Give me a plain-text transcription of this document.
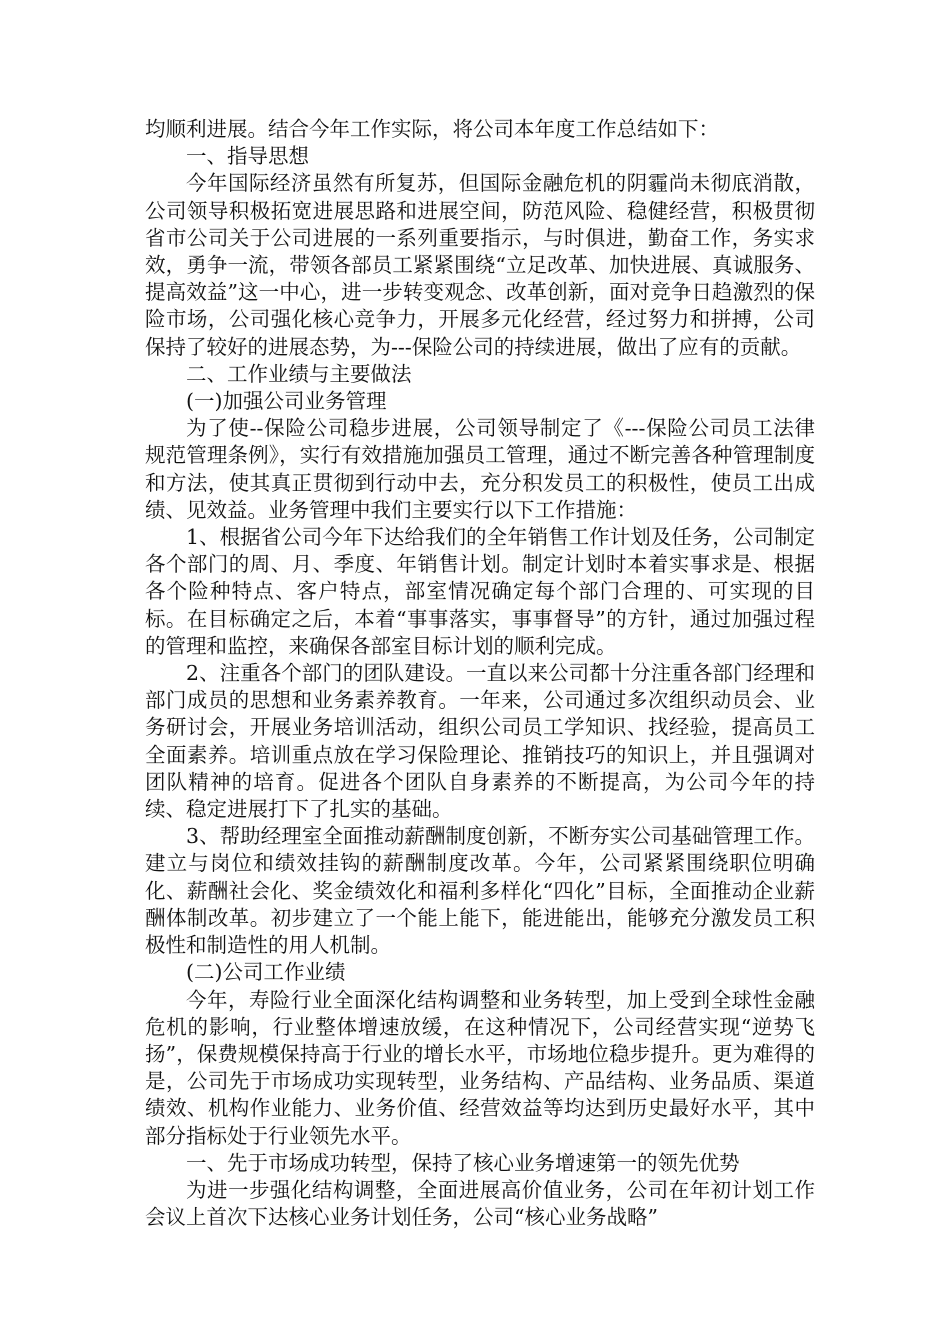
均顺利进展。结合今年工作实际，将公司本年度工作总结如下：

一、指导思想

今年国际经济虽然有所复苏，但国际金融危机的阴霾尚未彻底消散，公司领导积极拓宽进展思路和进展空间，防范风险、稳健经营，积极贯彻省市公司关于公司进展的一系列重要指示，与时俱进，勤奋工作，务实求效，勇争一流，带领各部员工紧紧围绕“立足改革、加快进展、真诚服务、提高效益”这一中心，进一步转变观念、改革创新，面对竞争日趋激烈的保险市场，公司强化核心竞争力，开展多元化经营，经过努力和拼搏，公司保持了较好的进展态势，为---保险公司的持续进展，做出了应有的贡献。

二、工作业绩与主要做法

(一)加强公司业务管理

为了使--保险公司稳步进展，公司领导制定了《---保险公司员工法律规范管理条例》，实行有效措施加强员工管理，通过不断完善各种管理制度和方法，使其真正贯彻到行动中去，充分积发员工的积极性，使员工出成绩、见效益。业务管理中我们主要实行以下工作措施：

1、根据省公司今年下达给我们的全年销售工作计划及任务，公司制定各个部门的周、月、季度、年销售计划。制定计划时本着实事求是、根据各个险种特点、客户特点，部室情况确定每个部门合理的、可实现的目标。在目标确定之后，本着“事事落实，事事督导”的方针，通过加强过程的管理和监控，来确保各部室目标计划的顺利完成。

2、注重各个部门的团队建设。一直以来公司都十分注重各部门经理和部门成员的思想和业务素养教育。一年来，公司通过多次组织动员会、业务研讨会，开展业务培训活动，组织公司员工学知识、找经验，提高员工全面素养。培训重点放在学习保险理论、推销技巧的知识上，并且强调对团队精神的培育。促进各个团队自身素养的不断提高，为公司今年的持续、稳定进展打下了扎实的基础。

3、帮助经理室全面推动薪酬制度创新，不断夯实公司基础管理工作。建立与岗位和绩效挂钩的薪酬制度改革。今年，公司紧紧围绕职位明确化、薪酬社会化、奖金绩效化和福利多样化“四化”目标，全面推动企业薪酬体制改革。初步建立了一个能上能下，能进能出，能够充分激发员工积极性和制造性的用人机制。

(二)公司工作业绩

今年，寿险行业全面深化结构调整和业务转型，加上受到全球性金融危机的影响，行业整体增速放缓，在这种情况下，公司经营实现“逆势飞扬”，保费规模保持高于行业的增长水平，市场地位稳步提升。更为难得的是，公司先于市场成功实现转型，业务结构、产品结构、业务品质、渠道绩效、机构作业能力、业务价值、经营效益等均达到历史最好水平，其中部分指标处于行业领先水平。

一、先于市场成功转型，保持了核心业务增速第一的领先优势

为进一步强化结构调整，全面进展高价值业务，公司在年初计划工作会议上首次下达核心业务计划任务，公司“核心业务战略”
